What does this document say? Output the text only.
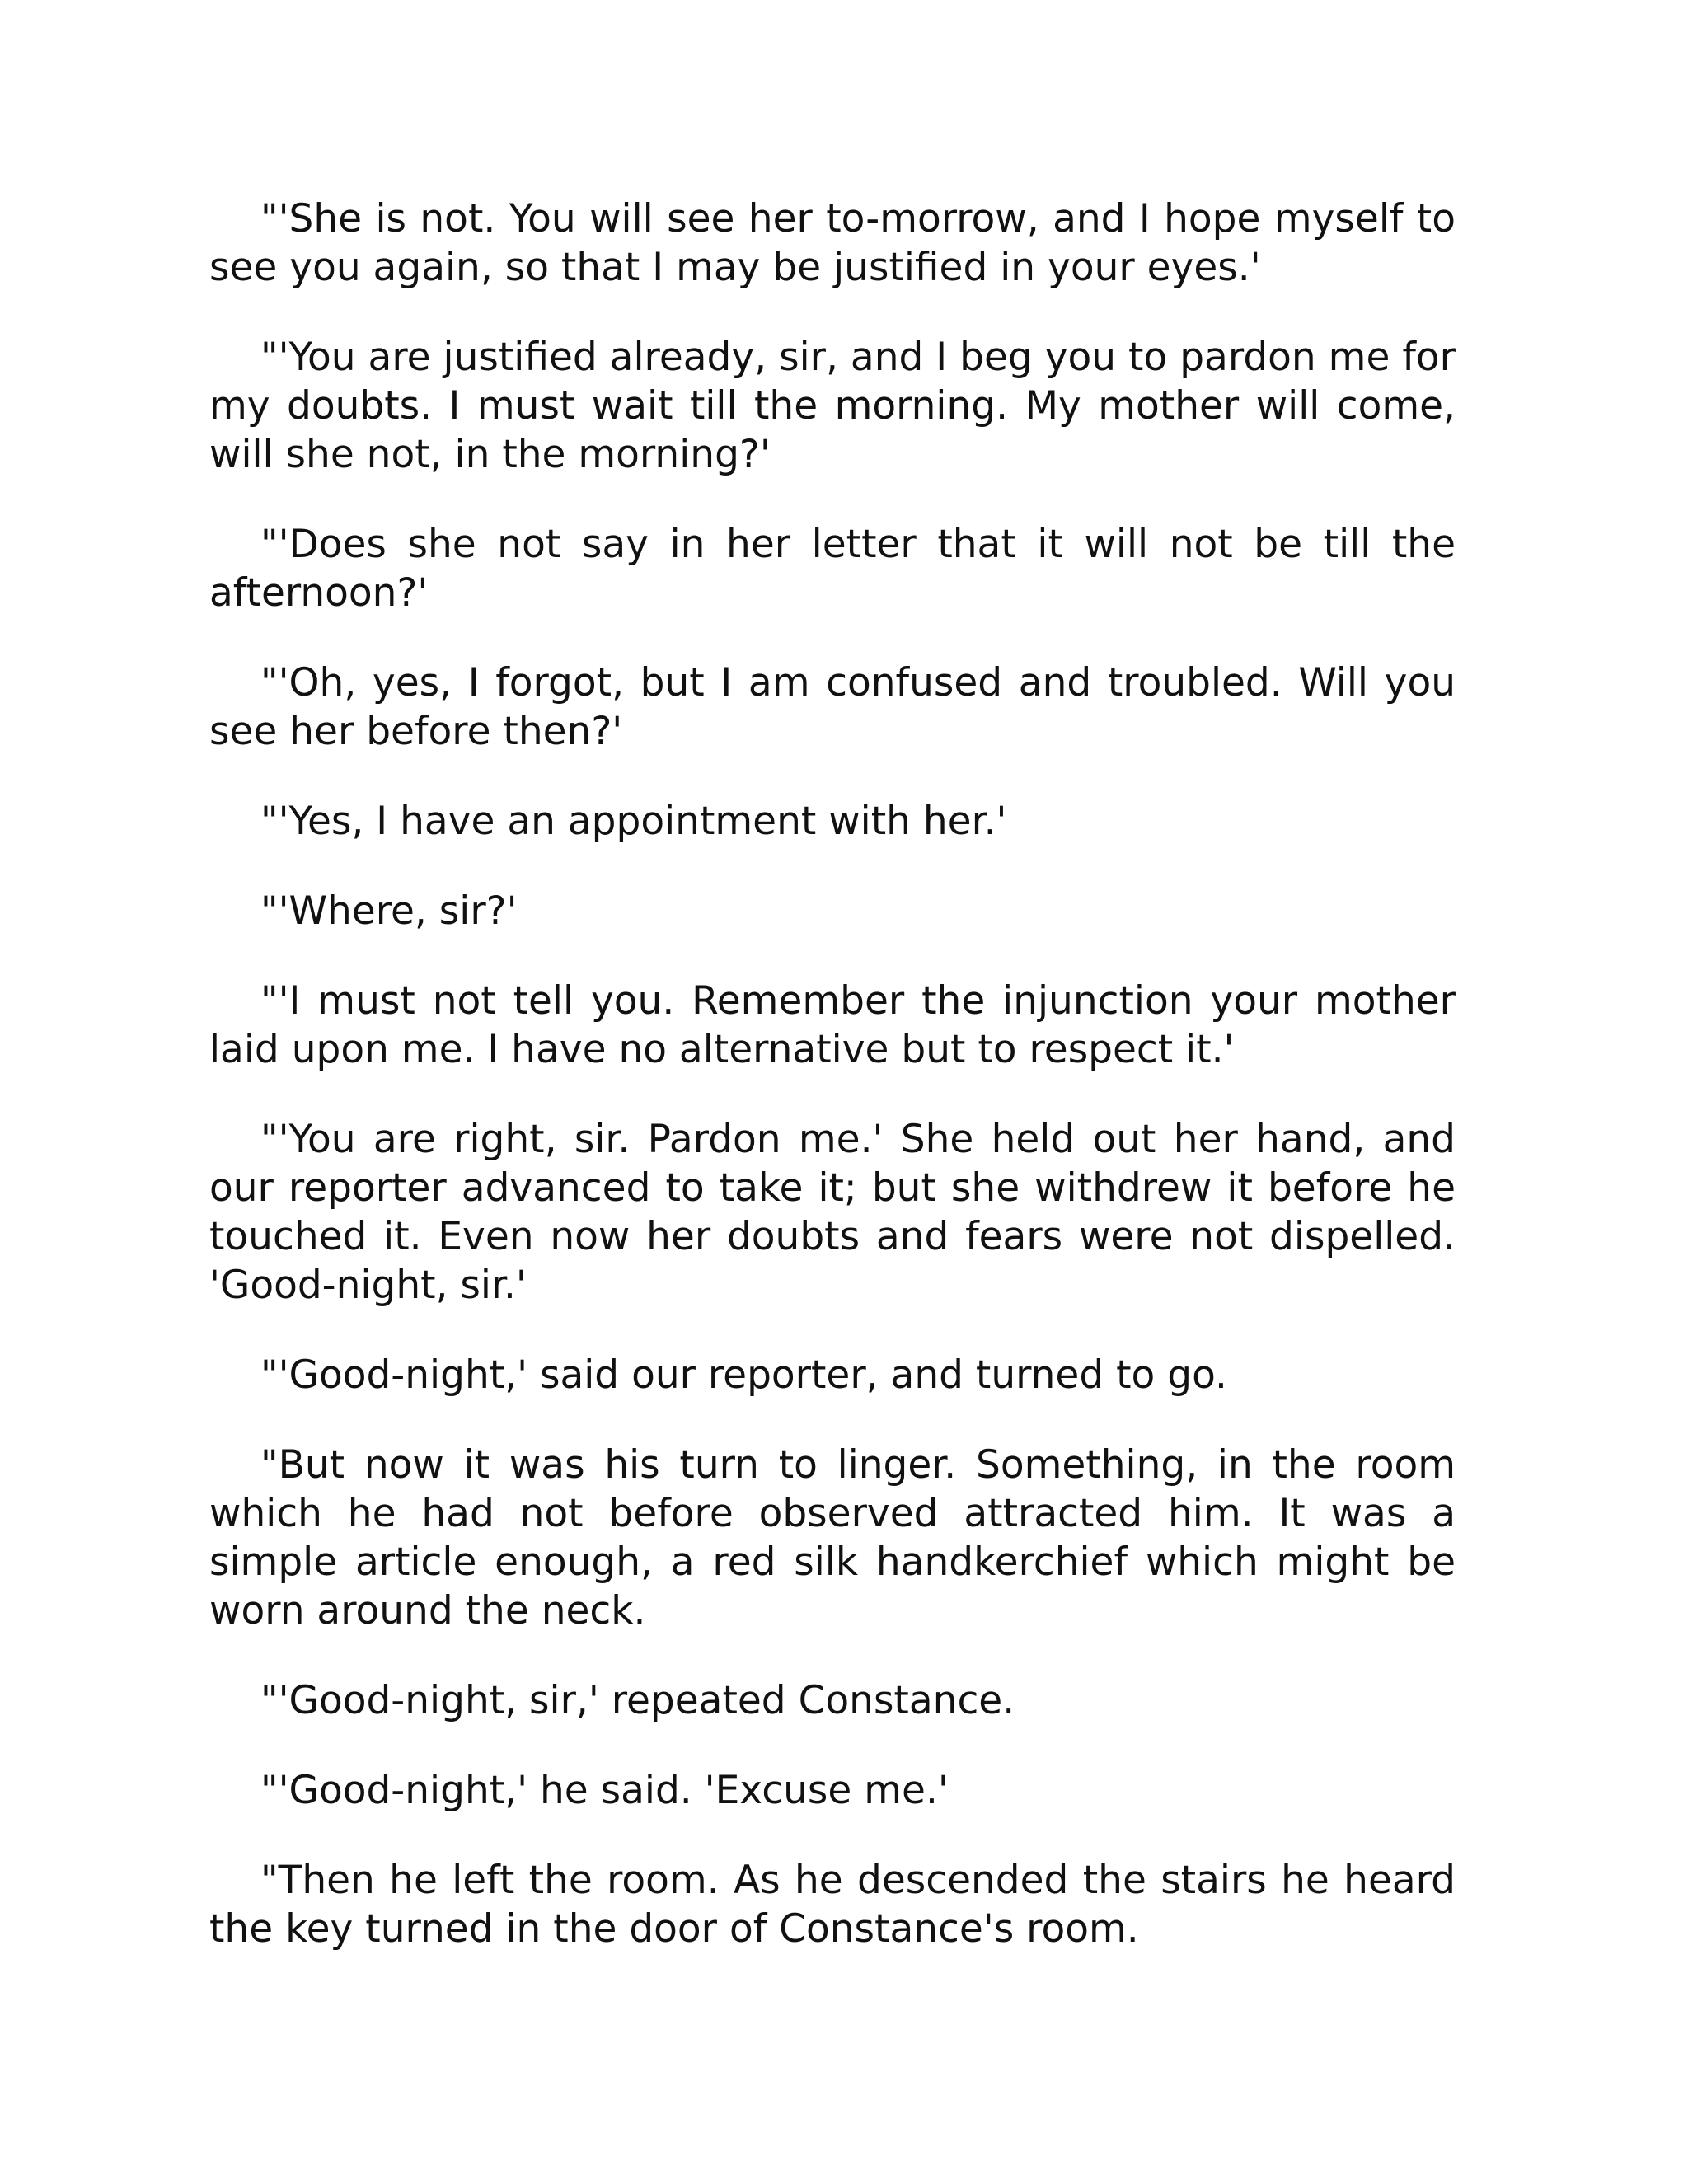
"'She is not. You will see her to-morrow, and I hope myself to see you again, so that I may be justified in your eyes.'

"'You are justified already, sir, and I beg you to pardon me for my doubts. I must wait till the morning. My mother will come, will she not, in the morning?'

"'Does she not say in her letter that it will not be till the afternoon?'

"'Oh, yes, I forgot, but I am confused and troubled. Will you see her before then?'

"'Yes, I have an appointment with her.'

"'Where, sir?'

"'I must not tell you. Remember the injunction your mother laid upon me. I have no alternative but to respect it.'

"'You are right, sir. Pardon me.' She held out her hand, and our reporter advanced to take it; but she withdrew it before he touched it. Even now her doubts and fears were not dispelled. 'Good-night, sir.'

"'Good-night,' said our reporter, and turned to go.

"But now it was his turn to linger. Something, in the room which he had not before observed attracted him. It was a simple article enough, a red silk handkerchief which might be worn around the neck.

"'Good-night, sir,' repeated Constance.

"'Good-night,' he said. 'Excuse me.'

"Then he left the room. As he descended the stairs he heard the key turned in the door of Constance's room.
